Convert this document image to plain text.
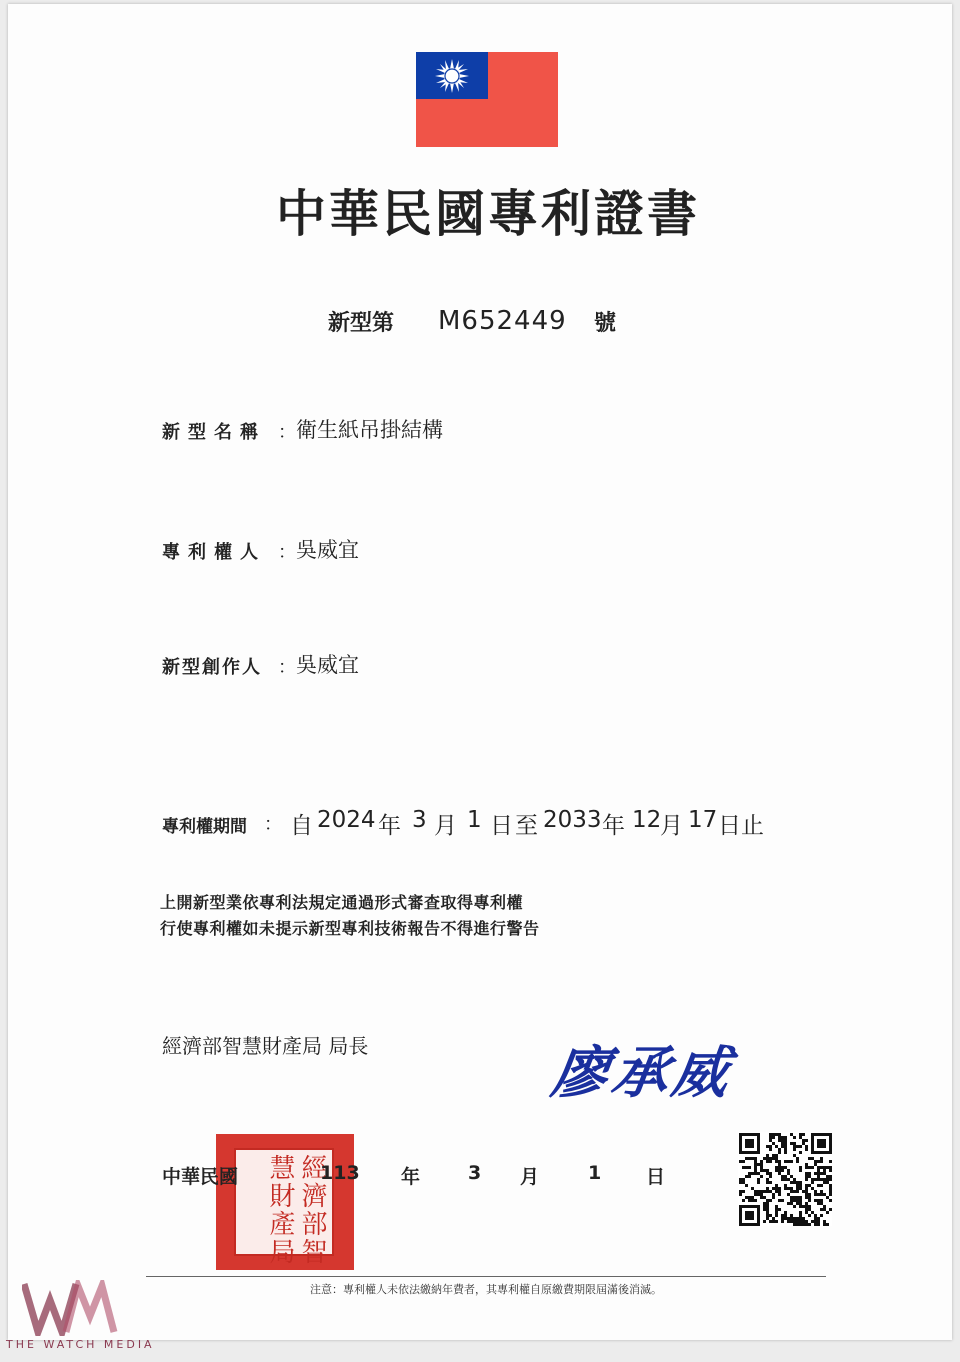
中華民國專利證書
新型第 M652449 號
新型名稱 ： 衛生紙吊掛結構
專利權人 ： 吳威宜
新型創作人 ： 吳威宜
專利權期間 ： 自 2024 年 3 月 1 日 至 2033 年 12
月 17 日止
上開新型業依專利法規定通過形式審查取得專利權
行使專利權如未提示新型專利技術報告不得進行警告
經濟部智慧財產局 局長	廖承威
經濟部智慧財產局
中華民國	113 年	3 月	1 日
注意：專利權人未依法繳納年費者，其專利權自原繳費期限屆滿後消滅。
THE WATCH MEDIA
